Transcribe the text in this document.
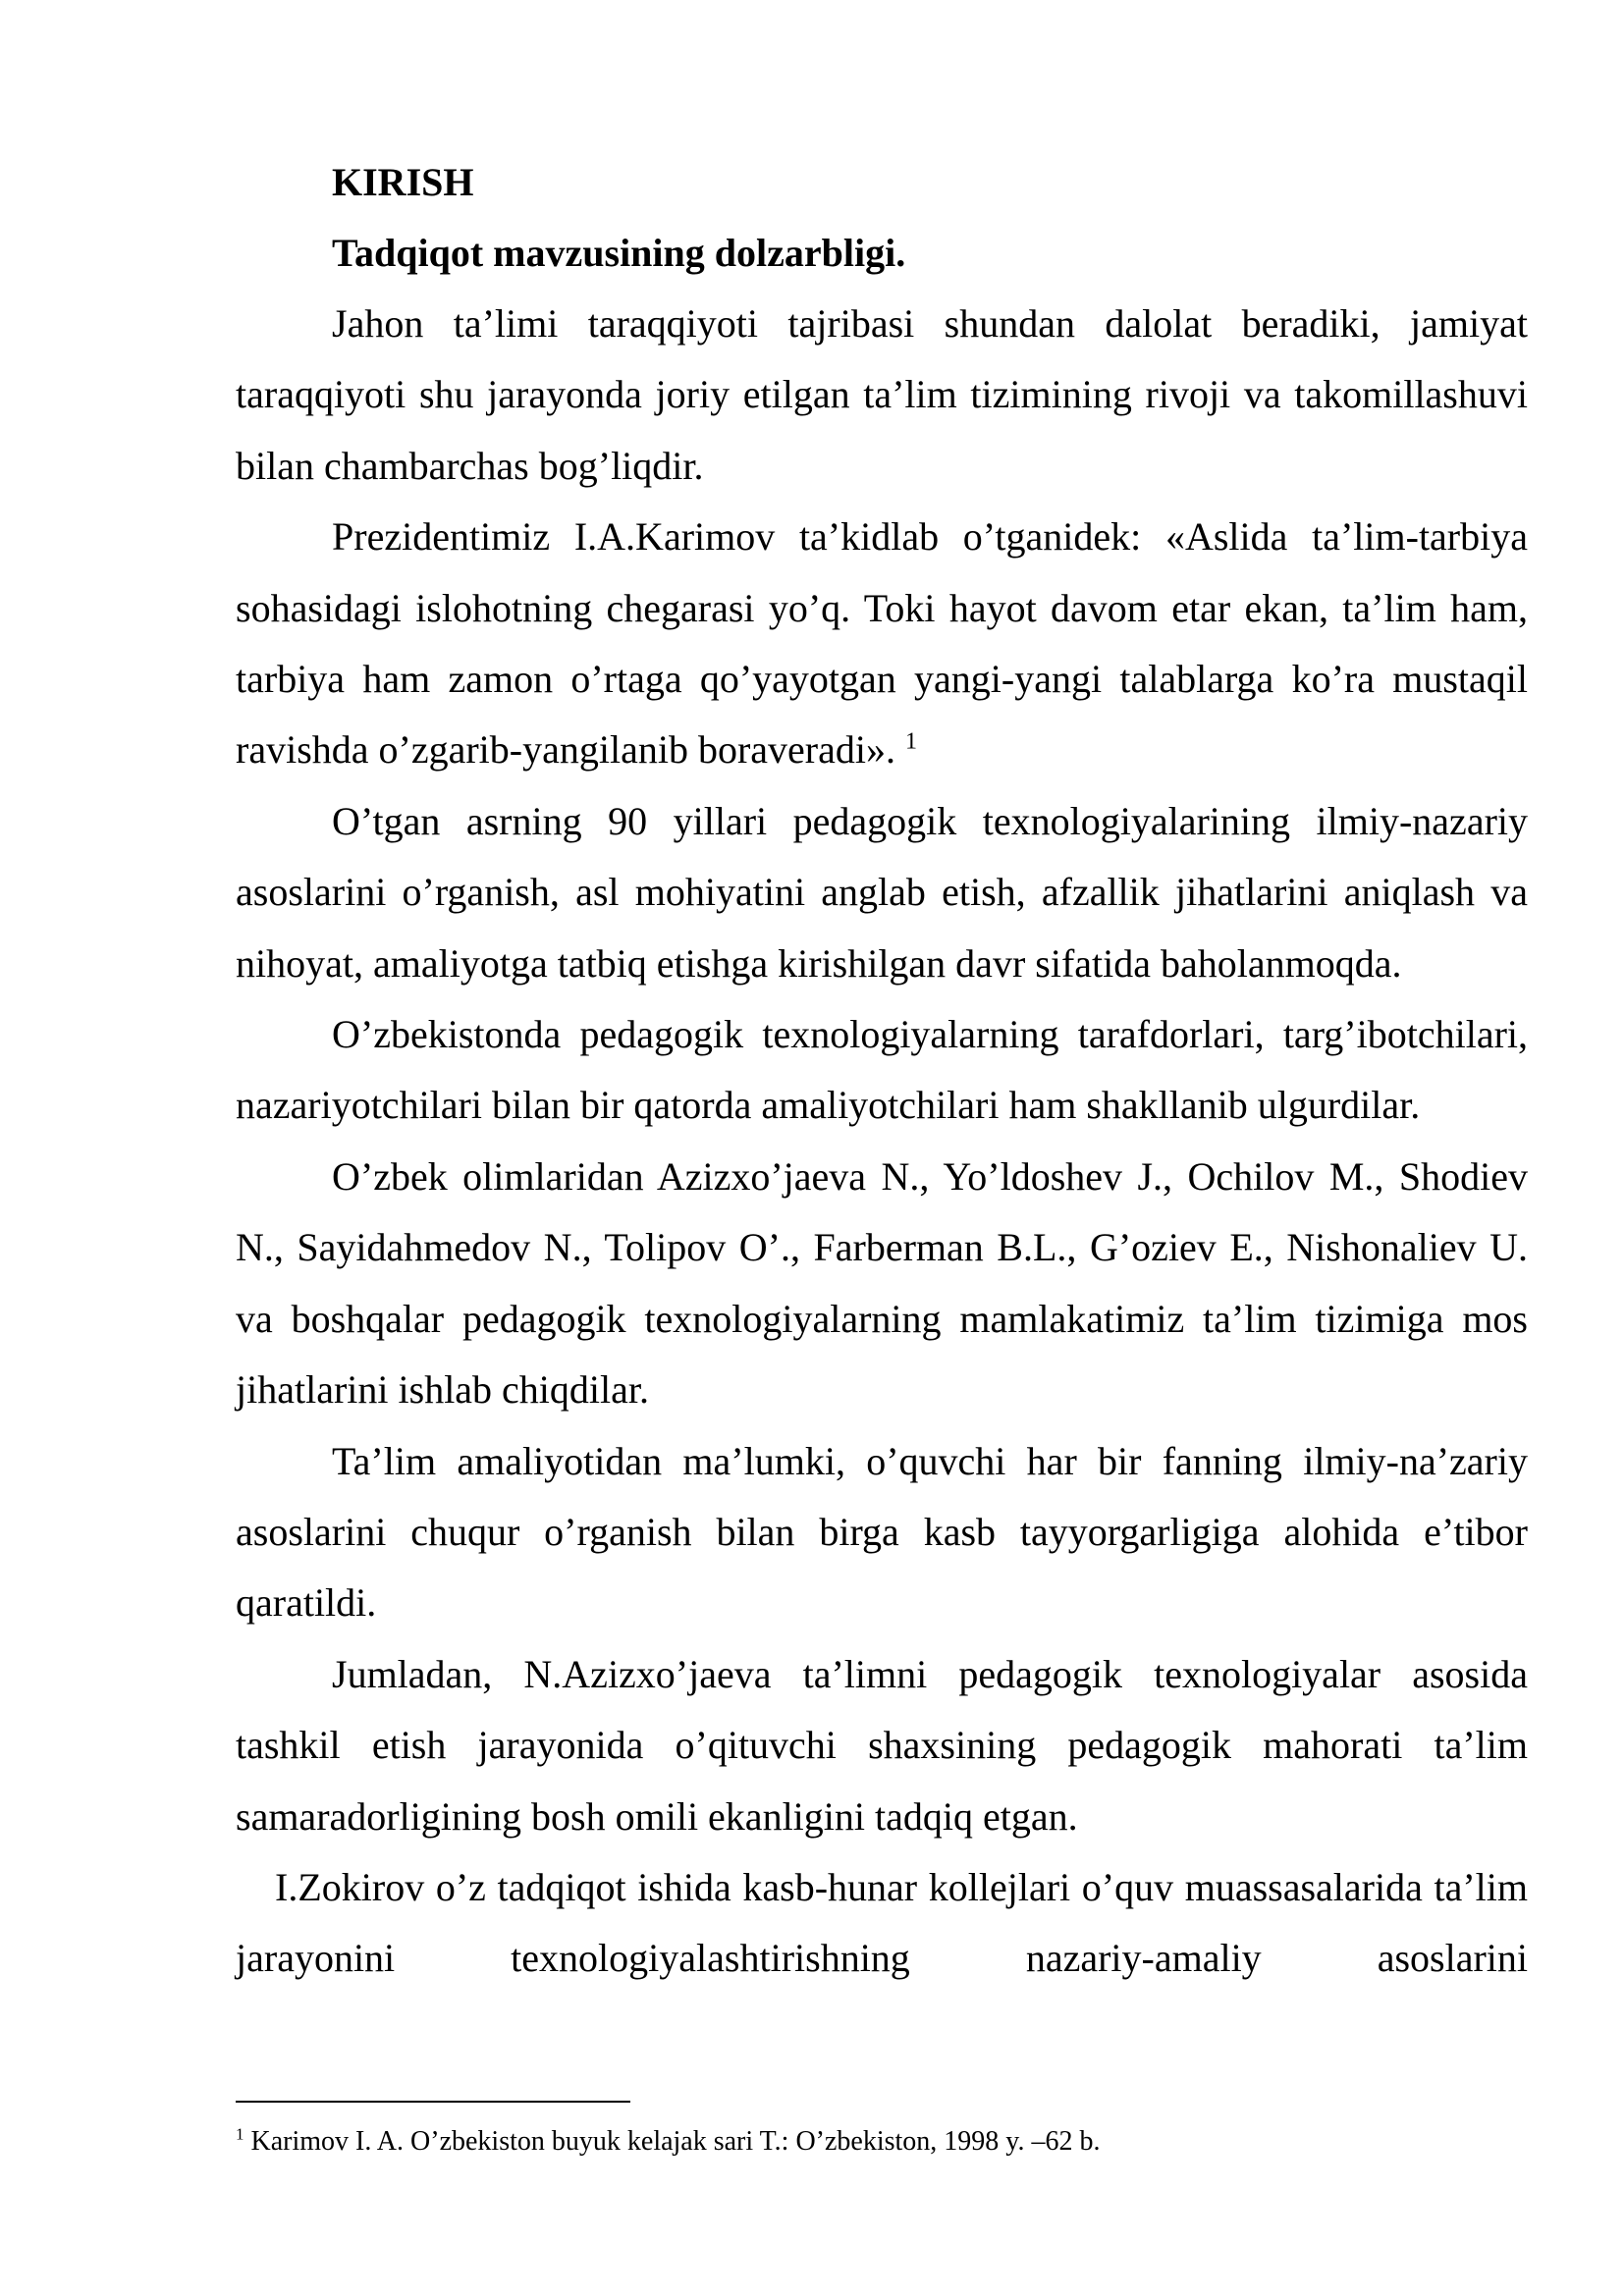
KIRISH

Tadqiqot mavzusining dolzarbligi.

Jahon ta’limi taraqqiyoti tajribasi shundan dalolat beradiki, jamiyat taraqqiyoti shu jarayonda joriy etilgan ta’lim tizimining rivoji va takomillashuvi bilan chambarchas bog’liqdir.

Prezidentimiz I.A.Karimov ta’kidlab o’tganidek: «Aslida ta’lim-tarbiya sohasidagi islohotning chegarasi yo’q. Toki hayot davom etar ekan, ta’lim ham, tarbiya ham zamon o’rtaga qo’yayotgan yangi-yangi talablarga ko’ra mustaqil ravishda o’zgarib-yangilanib boraveradi». $^1$

O’tgan asrning 90 yillari pedagogik texnologiyalarining ilmiy-nazariy asoslarini o’rganish, asl mohiyatini anglab etish, afzallik jihatlarini aniqlash va nihoyat, amaliyotga tatbiq etishga kirishilgan davr sifatida baholanmoqda.

O’zbekistonda pedagogik texnologiyalarning tarafdorlari, targ’ibotchilari, nazariyotchilari bilan bir qatorda amaliyotchilari ham shakllanib ulgurdilar.

O’zbek olimlaridan Azizxo’jaeva N., Yo’ldoshev J., Ochilov M., Shodiev N., Sayidahmedov N., Tolipov O’., Farberman B.L., G’oziev E., Nishonaliev U. va boshqalar pedagogik texnologiyalarning mamlakatimiz ta’lim tizimiga mos jihatlarini ishlab chiqdilar.

Ta’lim amaliyotidan ma’lumki, o’quvchi har bir fanning ilmiy-na’zariy asoslarini chuqur o’rganish bilan birga kasb tayyorgarligiga alohida e’tibor qaratildi.

Jumladan, N.Azizxo’jaeva ta’limni pedagogik texnologiyalar asosida tashkil etish jarayonida o’qituvchi shaxsining pedagogik mahorati ta’lim samaradorligining bosh omili ekanligini tadqiq etgan.

I.Zokirov o’z tadqiqot ishida kasb-hunar kollejlari o’quv muassasalarida ta’lim jarayonini texnologiyalashtirishning nazariy-amaliy asoslarini

$^1$ Karimov I. A. O’zbekiston buyuk kelajak sari T.: O’zbekiston, 1998 y. –62 b.
